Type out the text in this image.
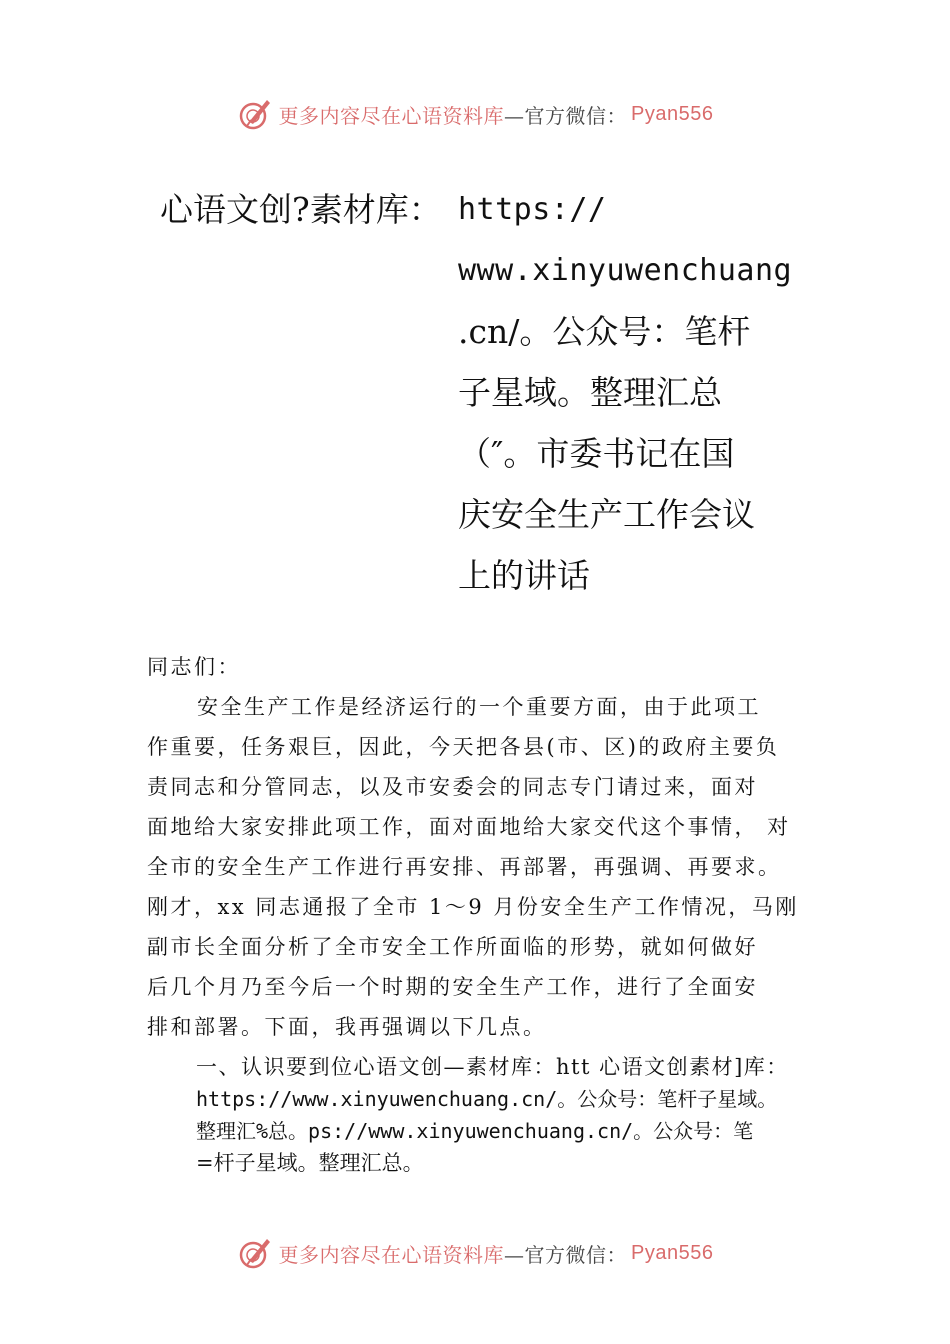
更多内容尽在心语资料库 —官方微信： Pyan556
心语文创?素材库： https://
www.xinyuwenchuang
.cn/。公众号：笔杆
子星域。整理汇总
（″。市委书记在国
庆安全生产工作会议
上的讲话
同志们：
安全生产工作是经济运行的一个重要方面，由于此项工
作重要，任务艰巨，因此，今天把各县(市、区)的政府主要负
责同志和分管同志，以及市安委会的同志专门请过来，面对
面地给大家安排此项工作，面对面地给大家交代这个事情， 对
全市的安全生产工作进行再安排、再部署，再强调、再要求。
刚才，xx 同志通报了全市 1～9 月份安全生产工作情况，马刚
副市长全面分析了全市安全工作所面临的形势，就如何做好
后几个月乃至今后一个时期的安全生产工作，进行了全面安
排和部署。下面，我再强调以下几点。
一、认识要到位心语文创—素材库：htt 心语文创素材]库：
https://www.xinyuwenchuang.cn/。公众号：笔杆子星域。
整理汇%总。ps://www.xinyuwenchuang.cn/。公众号：笔
=杆子星域。整理汇总。
更多内容尽在心语资料库 —官方微信： Pyan556
